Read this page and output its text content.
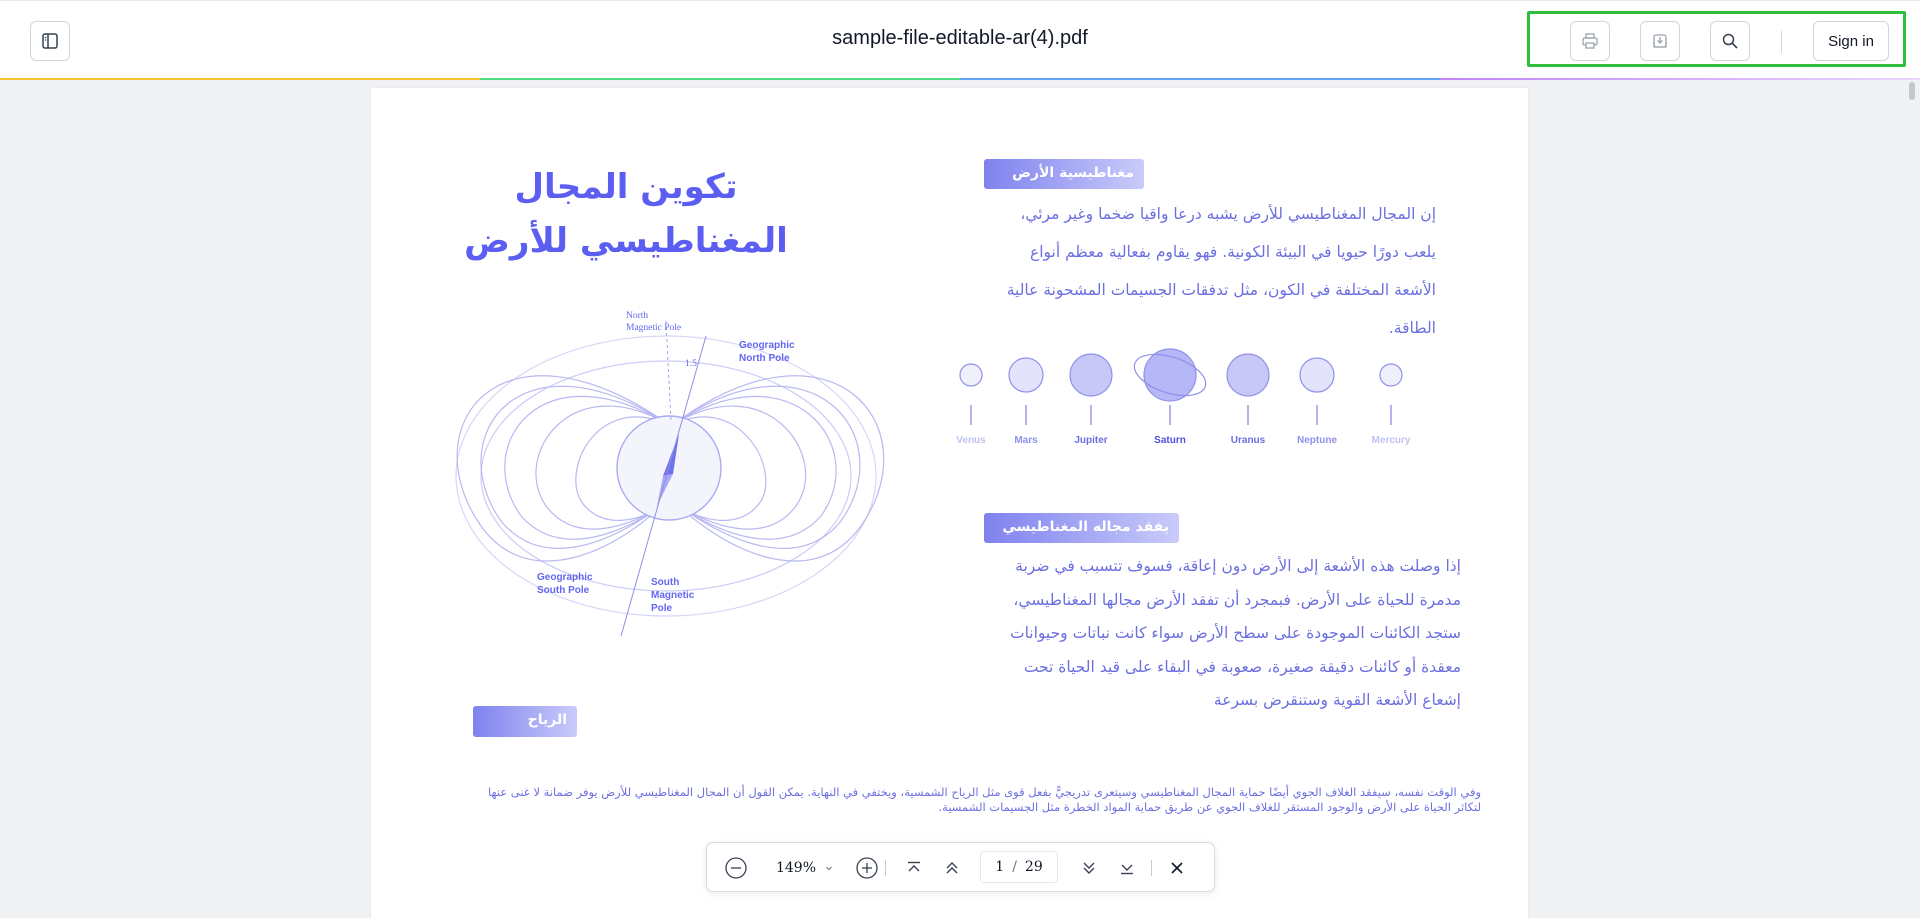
sample-file-editable-ar(4).pdf	Sign in
تكوين المجال
المغناطيسي للأرض
مغناطيسية الأرض
إن المجال المغناطيسي للأرض يشبه درعا واقيا ضخما وغير مرئي، يلعب دورًا حيويا في البيئة الكونية. فهو يقاوم بفعالية معظم أنواع الأشعة المختلفة في الكون، مثل تدفقات الجسيمات المشحونة عالية الطاقة.
North
Magnetic Pole
1.5
Geographic
North Pole
Geographic
South Pole
South
Magnetic
Pole
Venus	Mars	Jupiter	Saturn	Uranus	Neptune	Mercury
يفقد مجاله المغناطيسي
إذا وصلت هذه الأشعة إلى الأرض دون إعاقة، فسوف تتسبب في ضربة مدمرة للحياة على الأرض. فبمجرد أن تفقد الأرض مجالها المغناطيسي، ستجد الكائنات الموجودة على سطح الأرض سواء كانت نباتات وحيوانات معقدة أو كائنات دقيقة صغيرة، صعوبة في البقاء على قيد الحياة تحت إشعاع الأشعة القوية وستنقرض بسرعة
الرياح الشمسية
وفي الوقت نفسه، سيفقد الغلاف الجوي أيضًا حماية المجال المغناطيسي وسيتعرى تدريجيًّ بفعل قوى مثل الرياح الشمسية، ويختفي في النهاية. يمكن القول أن المجال المغناطيسي للأرض يوفر ضمانة لا غنى عنها لتكاثر الحياة على الأرض والوجود المستقر للغلاف الجوي عن طريق حماية المواد الخطرة مثل الجسيمات الشمسية.
149%	1 / 29
